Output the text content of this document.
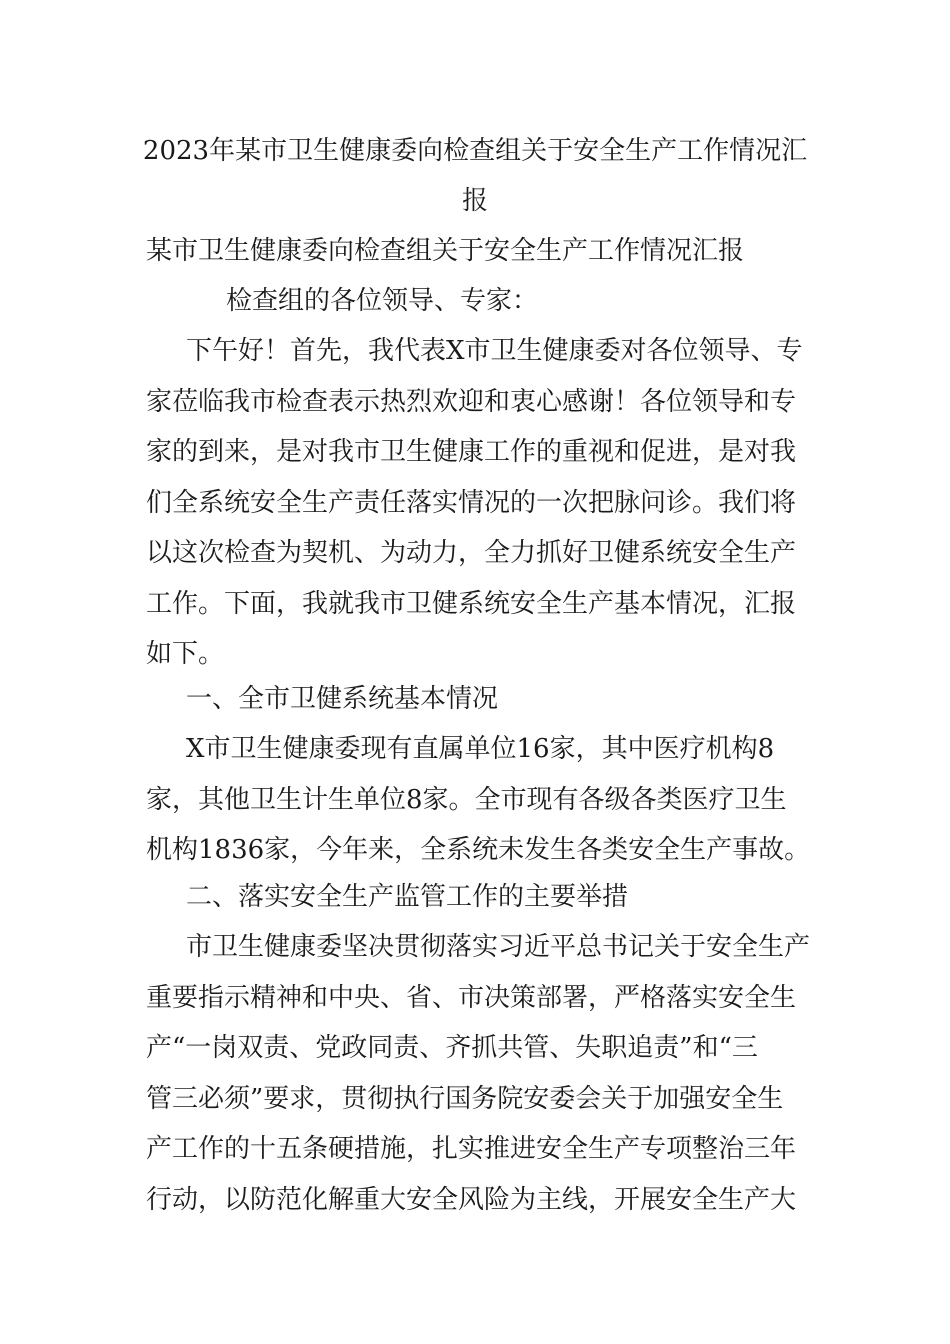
2023年某市卫生健康委向检查组关于安全生产工作情况汇
报
某市卫生健康委向检查组关于安全生产工作情况汇报
检查组的各位领导、专家：
下午好！首先，我代表X市卫生健康委对各位领导、专
家莅临我市检查表示热烈欢迎和衷心感谢！各位领导和专
家的到来，是对我市卫生健康工作的重视和促进，是对我
们全系统安全生产责任落实情况的一次把脉问诊。我们将
以这次检查为契机、为动力，全力抓好卫健系统安全生产
工作。下面，我就我市卫健系统安全生产基本情况，汇报
如下。
一、全市卫健系统基本情况
X市卫生健康委现有直属单位16家，其中医疗机构8
家，其他卫生计生单位8家。全市现有各级各类医疗卫生
机构1836家，今年来，全系统未发生各类安全生产事故。
二、落实安全生产监管工作的主要举措
市卫生健康委坚决贯彻落实习近平总书记关于安全生产
重要指示精神和中央、省、市决策部署，严格落实安全生
产“一岗双责、党政同责、齐抓共管、失职追责”和“三
管三必须”要求，贯彻执行国务院安委会关于加强安全生
产工作的十五条硬措施，扎实推进安全生产专项整治三年
行动，以防范化解重大安全风险为主线，开展安全生产大
